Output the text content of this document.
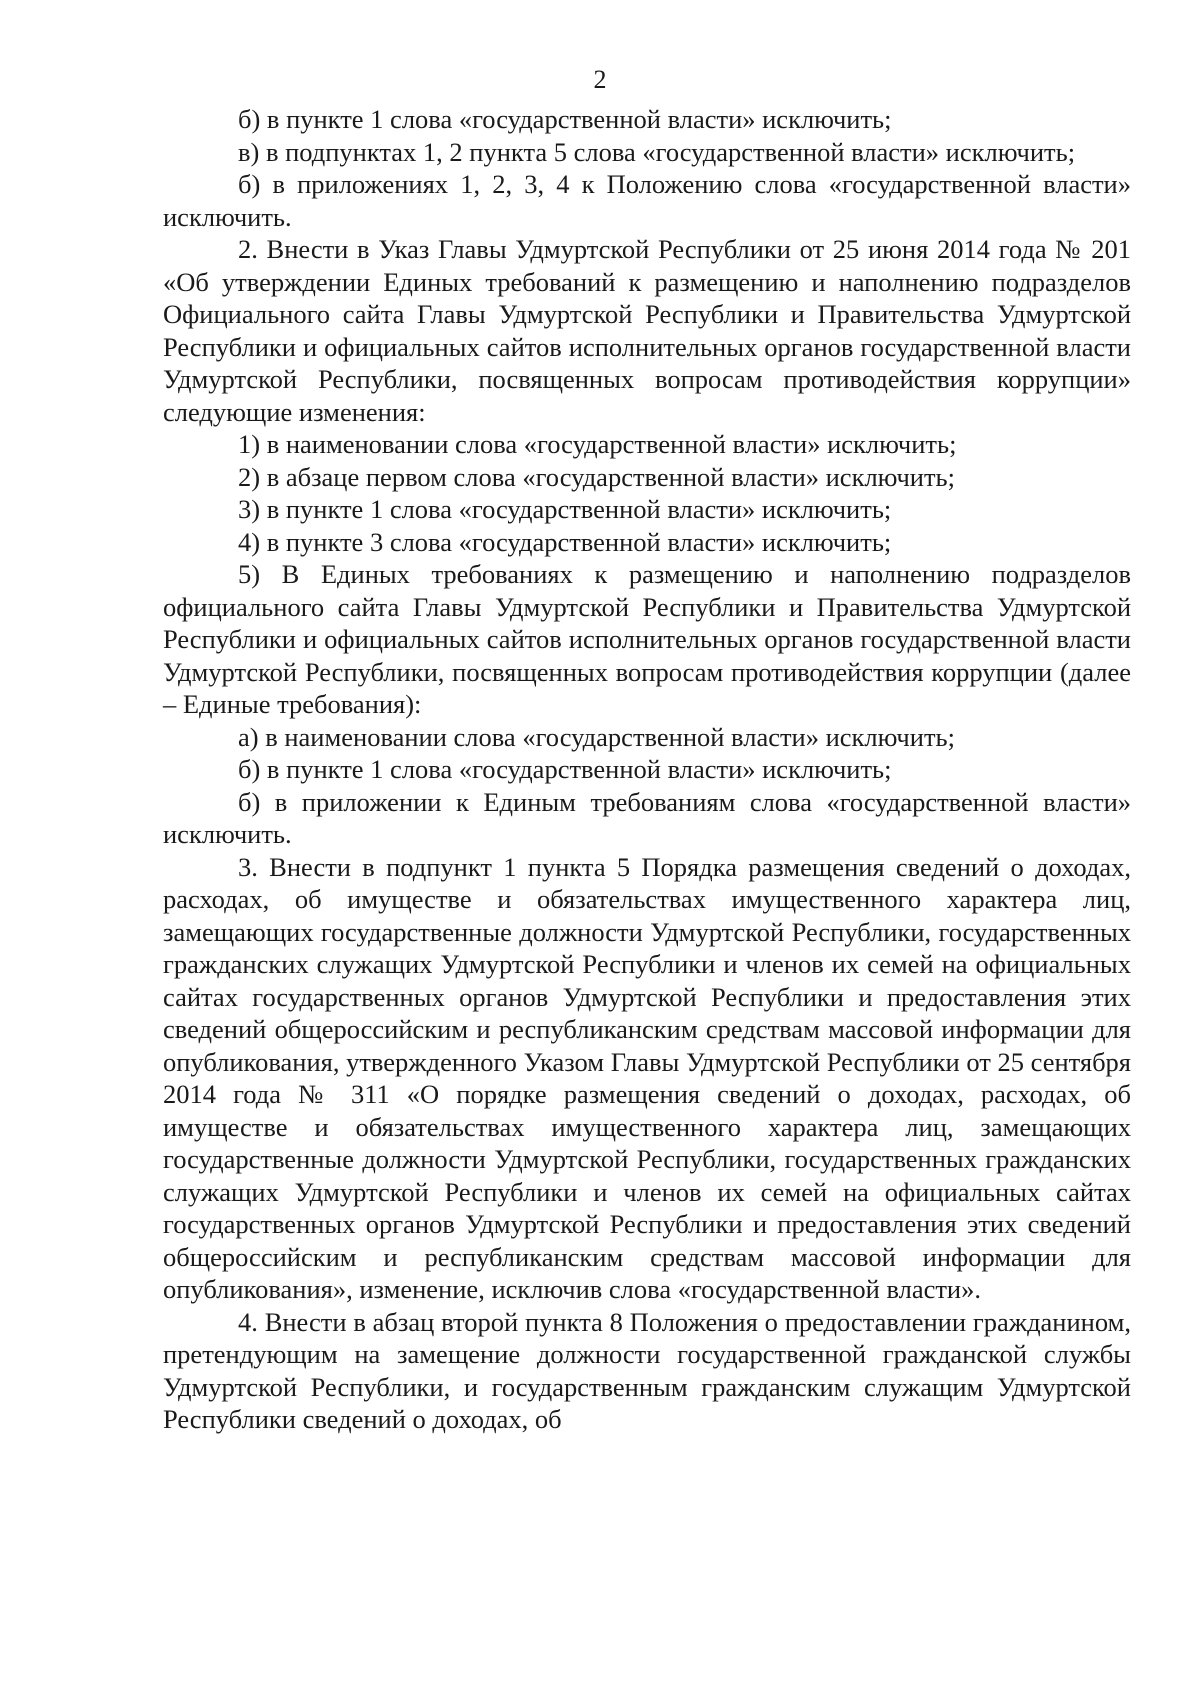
2

б) в пункте 1 слова «государственной власти» исключить;

в) в подпунктах 1, 2 пункта 5 слова «государственной власти» исключить;

б) в приложениях 1, 2, 3, 4 к Положению слова «государственной власти» исключить.

2. Внести в Указ Главы Удмуртской Республики от 25 июня 2014 года № 201 «Об утверждении Единых требований к размещению и наполнению подразделов Официального сайта Главы Удмуртской Республики и Правительства Удмуртской Республики и официальных сайтов исполнительных органов государственной власти Удмуртской Республики, посвященных вопросам противодействия коррупции» следующие изменения:

1) в наименовании слова «государственной власти» исключить;

2) в абзаце первом слова «государственной власти» исключить;

3) в пункте 1 слова «государственной власти» исключить;

4) в пункте 3 слова «государственной власти» исключить;

5) В Единых требованиях к размещению и наполнению подразделов официального сайта Главы Удмуртской Республики и Правительства Удмуртской Республики и официальных сайтов исполнительных органов государственной власти Удмуртской Республики, посвященных вопросам противодействия коррупции (далее – Единые требования):

а) в наименовании слова «государственной власти» исключить;

б) в пункте 1 слова «государственной власти» исключить;

б) в приложении к Единым требованиям слова «государственной власти» исключить.

3. Внести в подпункт 1 пункта 5 Порядка размещения сведений о доходах, расходах, об имуществе и обязательствах имущественного характера лиц, замещающих государственные должности Удмуртской Республики, государственных гражданских служащих Удмуртской Республики и членов их семей на официальных сайтах государственных органов Удмуртской Республики и предоставления этих сведений общероссийским и республиканским средствам массовой информации для опубликования, утвержденного Указом Главы Удмуртской Республики от 25 сентября 2014 года № 311 «О порядке размещения сведений о доходах, расходах, об имуществе и обязательствах имущественного характера лиц, замещающих государственные должности Удмуртской Республики, государственных гражданских служащих Удмуртской Республики и членов их семей на официальных сайтах государственных органов Удмуртской Республики и предоставления этих сведений общероссийским и республиканским средствам массовой информации для опубликования», изменение, исключив слова «государственной власти».

4. Внести в абзац второй пункта 8 Положения о предоставлении гражданином, претендующим на замещение должности государственной гражданской службы Удмуртской Республики, и государственным гражданским служащим Удмуртской Республики сведений о доходах, об
